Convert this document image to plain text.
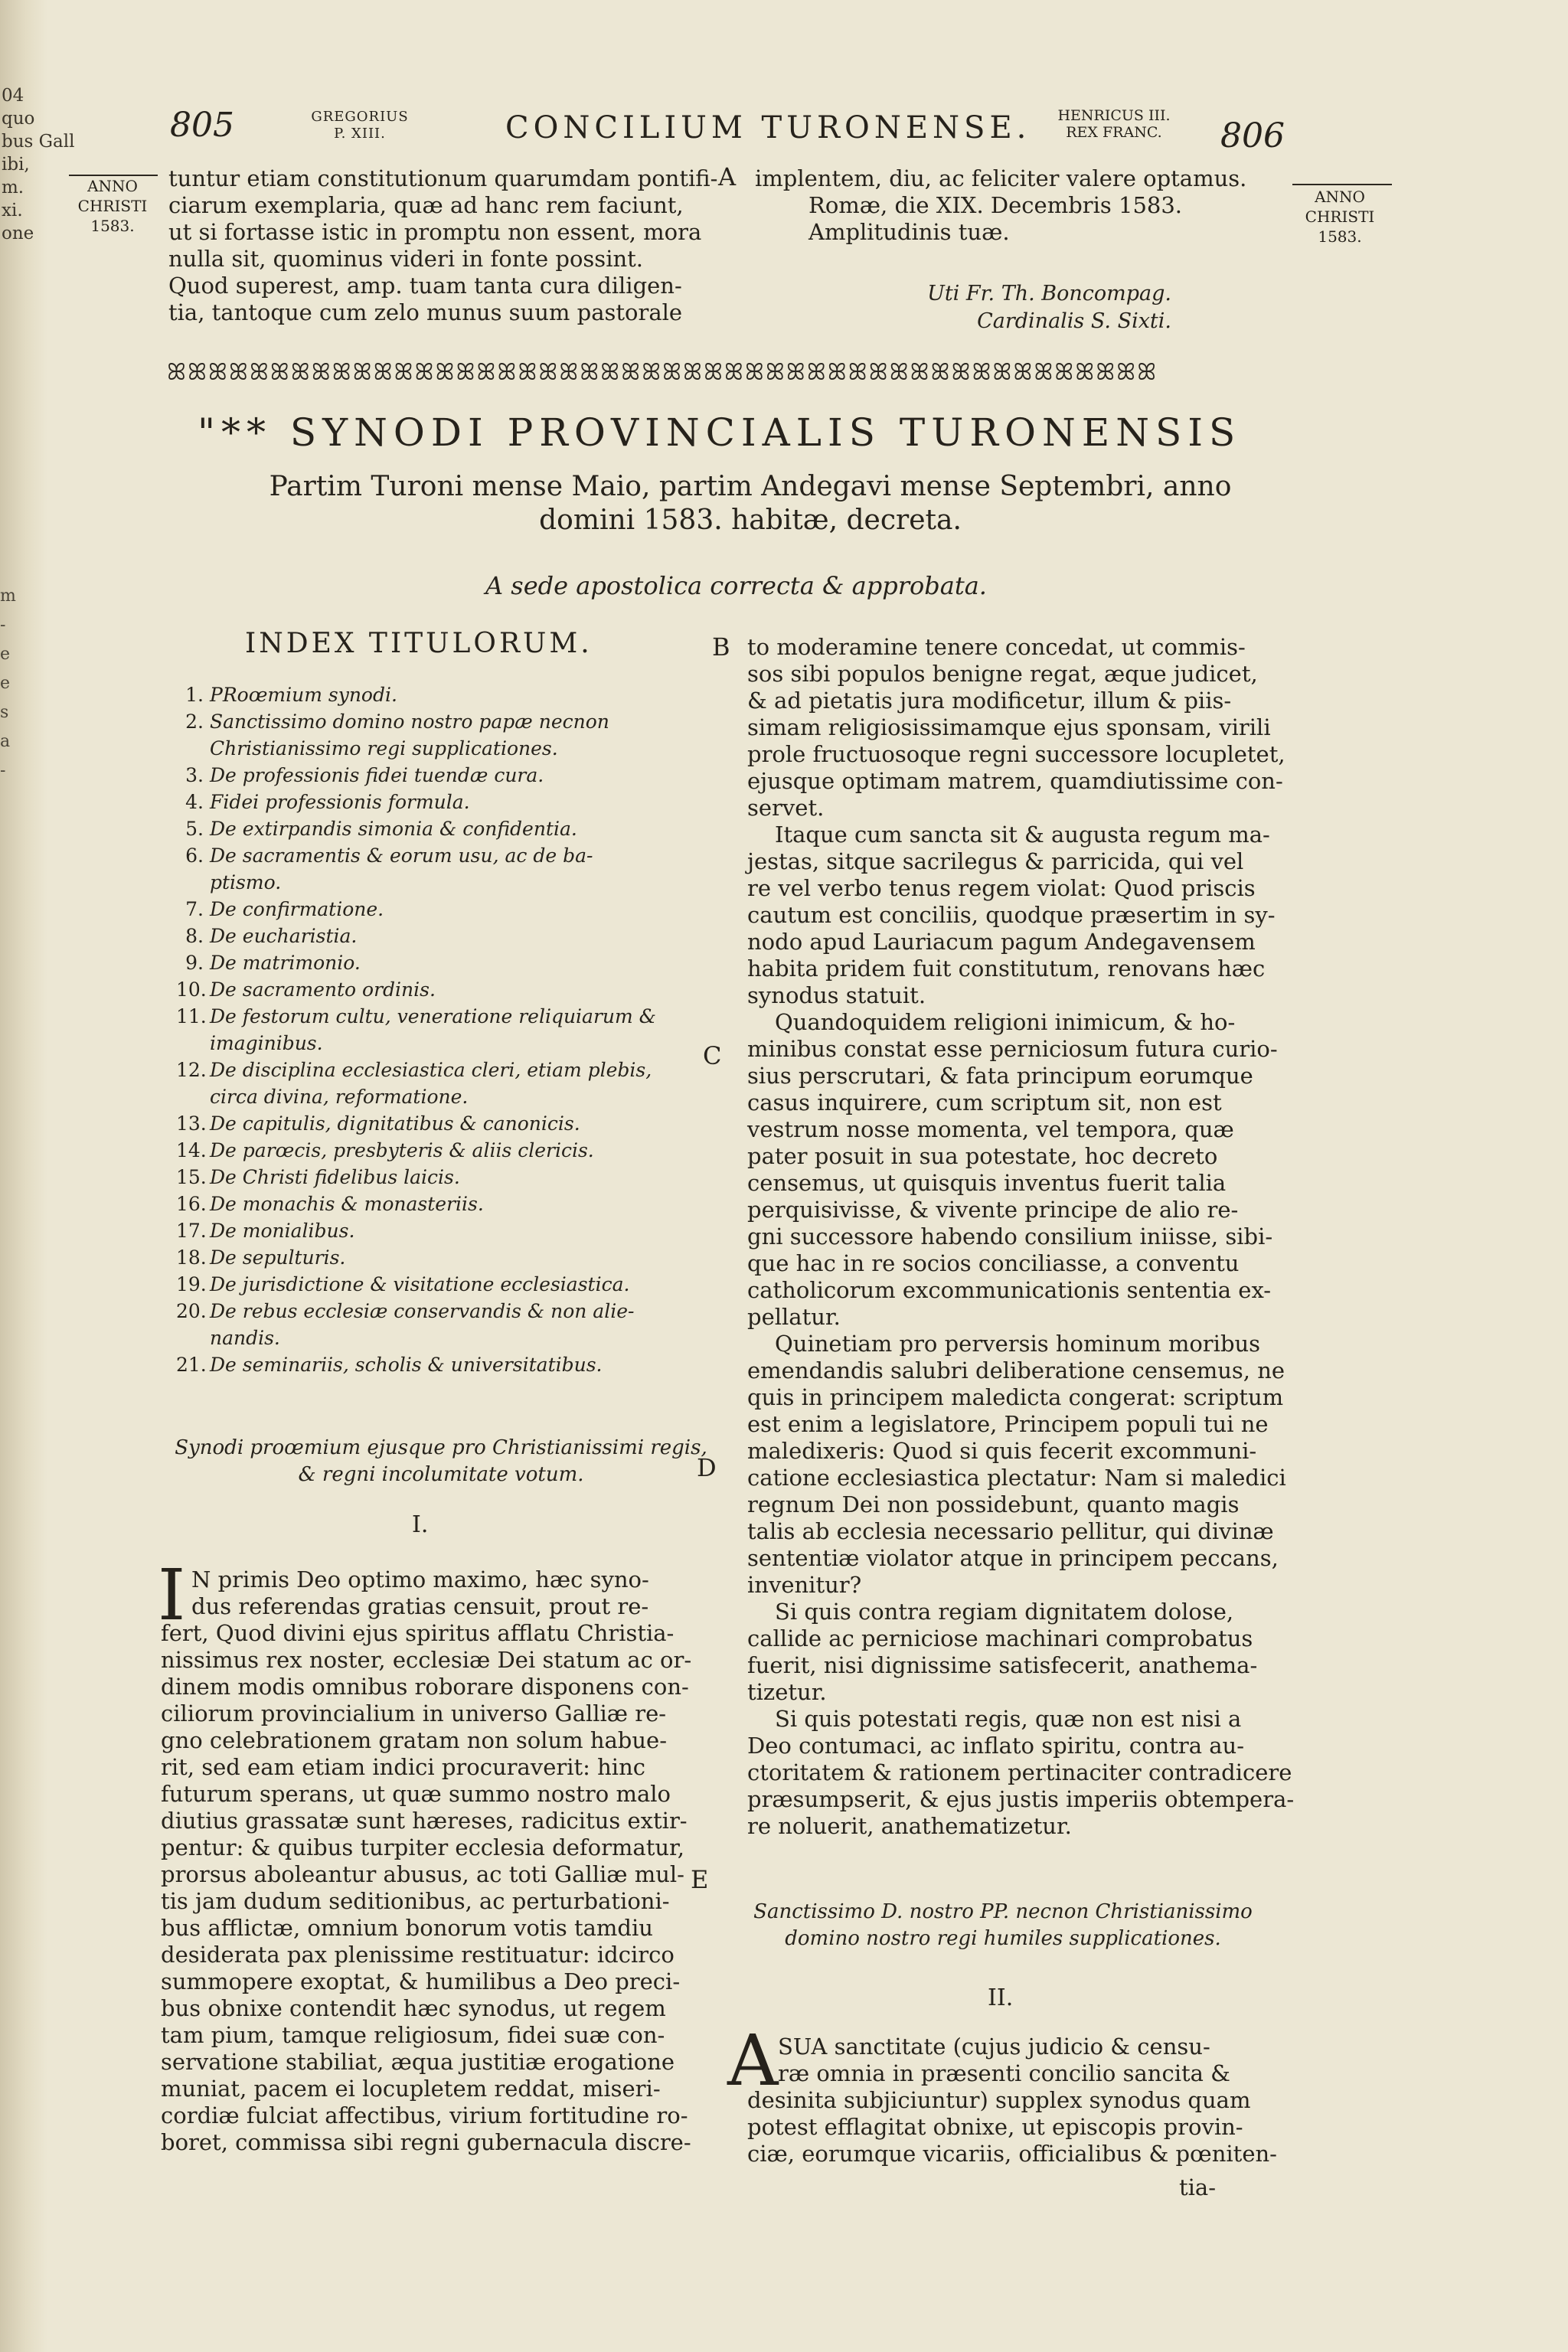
04
quo
bus Gall
ibi,
m.
xi.
one
m
-
e
e
s
a
-
805	GREGORIUS
P. XIII.	CONCILIUM TURONENSE.	HENRICUS III.
REX FRANC.	806
ANNO
CHRISTI
1583.
ANNO
CHRISTI
1583.
tuntur etiam constitutionum quarumdam pontifi-
ciarum exemplaria, quæ ad hanc rem faciunt,
ut si fortasse istic in promptu non essent, mora
nulla sit, quominus videri in fonte possint.
Quod superest, amp. tuam tanta cura diligen-
tia, tantoque cum zelo munus suum pastorale
A implentem, diu, ac feliciter valere optamus.
Romæ, die XIX. Decembris 1583.
Amplitudinis tuæ.
Uti Fr. Th. Boncompag.
Cardinalis S. Sixti.
ꕤꕤꕤꕤꕤꕤꕤꕤꕤꕤꕤꕤꕤꕤꕤꕤꕤꕤꕤꕤꕤꕤꕤꕤꕤꕤꕤꕤꕤꕤꕤꕤꕤꕤꕤꕤꕤꕤꕤꕤꕤꕤꕤꕤꕤꕤꕤꕤ
"** SYNODI PROVINCIALIS TURONENSIS
Partim Turoni mense Maio, partim Andegavi mense Septembri, anno
domini 1583. habitæ, decreta.
A sede apostolica correcta & approbata.
INDEX TITULORUM.
1. PRoœmium synodi.
2. Sanctissimo domino nostro papæ necnon
Christianissimo regi supplicationes.
3. De professionis fidei tuendæ cura.
4. Fidei professionis formula.
5. De extirpandis simonia & confidentia.
6. De sacramentis & eorum usu, ac de ba-
ptismo.
7. De confirmatione.
8. De eucharistia.
9. De matrimonio.
10. De sacramento ordinis.
11. De festorum cultu, veneratione reliquiarum &
imaginibus.
12. De disciplina ecclesiastica cleri, etiam plebis,
circa divina, reformatione.
13. De capitulis, dignitatibus & canonicis.
14. De parœcis, presbyteris & aliis clericis.
15. De Christi fidelibus laicis.
16. De monachis & monasteriis.
17. De monialibus.
18. De sepulturis.
19. De jurisdictione & visitatione ecclesiastica.
20. De rebus ecclesiæ conservandis & non alie-
nandis.
21. De seminariis, scholis & universitatibus.
Synodi proœmium ejusque pro Christianissimi regis,
& regni incolumitate votum.
I.
I N primis Deo optimo maximo, hæc syno-
dus referendas gratias censuit, prout re-
fert, Quod divini ejus spiritus afflatu Christia-
nissimus rex noster, ecclesiæ Dei statum ac or-
dinem modis omnibus roborare disponens con-
ciliorum provincialium in universo Galliæ re-
gno celebrationem gratam non solum habue-
rit, sed eam etiam indici procuraverit: hinc
futurum sperans, ut quæ summo nostro malo
diutius grassatæ sunt hæreses, radicitus extir-
pentur: & quibus turpiter ecclesia deformatur,
prorsus aboleantur abusus, ac toti Galliæ mul-
tis jam dudum seditionibus, ac perturbationi-
bus afflictæ, omnium bonorum votis tamdiu
desiderata pax plenissime restituatur: idcirco
summopere exoptat, & humilibus a Deo preci-
bus obnixe contendit hæc synodus, ut regem
tam pium, tamque religiosum, fidei suæ con-
servatione stabiliat, æqua justitiæ erogatione
muniat, pacem ei locupletem reddat, miseri-
cordiæ fulciat affectibus, virium fortitudine ro-
boret, commissa sibi regni gubernacula discre-
B
C
D
E
to moderamine tenere concedat, ut commis-
sos sibi populos benigne regat, æque judicet,
& ad pietatis jura modificetur, illum & piis-
simam religiosissimamque ejus sponsam, virili
prole fructuosoque regni successore locupletet,
ejusque optimam matrem, quamdiutissime con-
servet.
Itaque cum sancta sit & augusta regum ma-
jestas, sitque sacrilegus & parricida, qui vel
re vel verbo tenus regem violat: Quod priscis
cautum est conciliis, quodque præsertim in sy-
nodo apud Lauriacum pagum Andegavensem
habita pridem fuit constitutum, renovans hæc
synodus statuit.
Quandoquidem religioni inimicum, & ho-
minibus constat esse perniciosum futura curio-
sius perscrutari, & fata principum eorumque
casus inquirere, cum scriptum sit, non est
vestrum nosse momenta, vel tempora, quæ
pater posuit in sua potestate, hoc decreto
censemus, ut quisquis inventus fuerit talia
perquisivisse, & vivente principe de alio re-
gni successore habendo consilium iniisse, sibi-
que hac in re socios conciliasse, a conventu
catholicorum excommunicationis sententia ex-
pellatur.
Quinetiam pro perversis hominum moribus
emendandis salubri deliberatione censemus, ne
quis in principem maledicta congerat: scriptum
est enim a legislatore, Principem populi tui ne
maledixeris: Quod si quis fecerit excommuni-
catione ecclesiastica plectatur: Nam si maledici
regnum Dei non possidebunt, quanto magis
talis ab ecclesia necessario pellitur, qui divinæ
sententiæ violator atque in principem peccans,
invenitur?
Si quis contra regiam dignitatem dolose,
callide ac perniciose machinari comprobatus
fuerit, nisi dignissime satisfecerit, anathema-
tizetur.
Si quis potestati regis, quæ non est nisi a
Deo contumaci, ac inflato spiritu, contra au-
ctoritatem & rationem pertinaciter contradicere
præsumpserit, & ejus justis imperiis obtempera-
re noluerit, anathematizetur.
Sanctissimo D. nostro PP. necnon Christianissimo
domino nostro regi humiles supplicationes.
II.
A SUA sanctitate (cujus judicio & censu-
ræ omnia in præsenti concilio sancita &
desinita subjiciuntur) supplex synodus quam
potest efflagitat obnixe, ut episcopis provin-
ciæ, eorumque vicariis, officialibus & pœniten-
tia-
